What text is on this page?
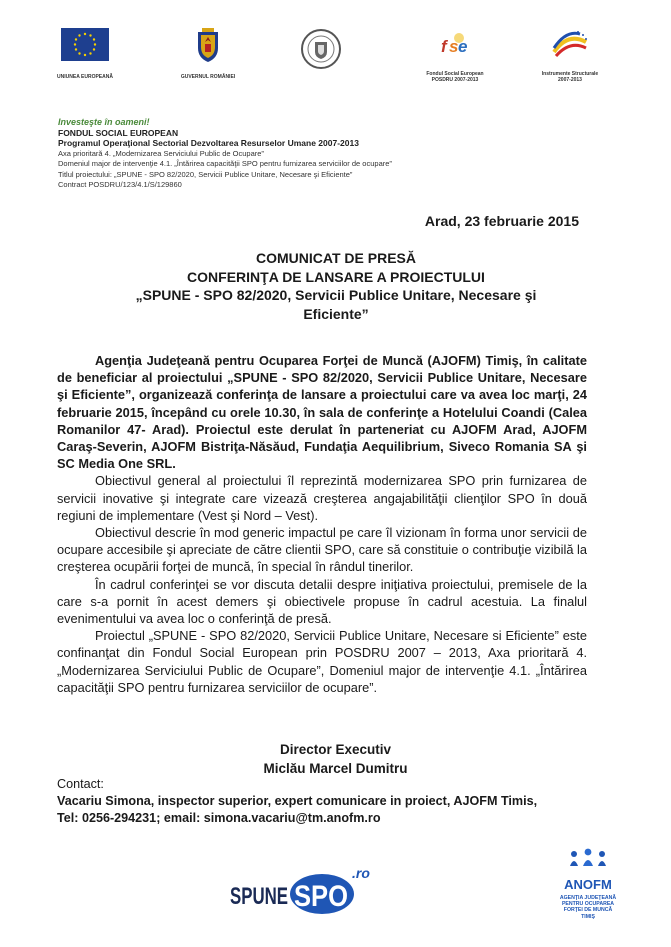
UNIUNEA EUROPEANĂ	GUVERNUL ROMÂNIEI
f s e
Fondul Social European
POSDRU 2007-2013
Instrumente Structurale
2007-2013
Investeşte în oameni!
FONDUL SOCIAL EUROPEAN
Programul Operaţional Sectorial Dezvoltarea Resurselor Umane 2007-2013
Axa prioritară 4. „Modernizarea Serviciului Public de Ocupare”
Domeniul major de intervenţie 4.1. „Întărirea capacităţii SPO pentru furnizarea serviciilor de ocupare”
Titlul proiectului: „SPUNE - SPO 82/2020, Servicii Publice Unitare, Necesare şi Eficiente”
Contract POSDRU/123/4.1/S/129860
Arad, 23 februarie 2015
COMUNICAT DE PRESĂ
CONFERINŢA DE LANSARE A PROIECTULUI
„SPUNE - SPO 82/2020, Servicii Publice Unitare, Necesare şi
Eficiente”

Agenţia Judeţeană pentru Ocuparea Forţei de Muncă (AJOFM) Timiş, în calitate de beneficiar al proiectului „SPUNE - SPO 82/2020, Servicii Publice Unitare, Necesare şi Eficiente”, organizează conferinţa de lansare a proiectului care va avea loc marţi, 24 februarie 2015, începând cu orele 10.30, în sala de conferinţe a Hotelului Coandi (Calea Romanilor 47- Arad). Proiectul este derulat în parteneriat cu AJOFM Arad, AJOFM Caraş-Severin, AJOFM Bistriţa-Năsăud, Fundaţia Aequilibrium, Siveco Romania SA şi SC Media One SRL.

Obiectivul general al proiectului îl reprezintă modernizarea SPO prin furnizarea de servicii inovative şi integrate care vizează creşterea angajabilităţii clienţilor SPO în două regiuni de implementare (Vest şi Nord – Vest).

Obiectivul descrie în mod generic impactul pe care îl vizionam în forma unor servicii de ocupare accesibile şi apreciate de către clientii SPO, care să constituie o contribuţie vizibilă la creşterea ocupării forţei de muncă, în special în rândul tinerilor.

În cadrul conferinţei se vor discuta detalii despre iniţiativa proiectului, premisele de la care s-a pornit în acest demers şi obiectivele propuse în cadrul acestuia. La finalul evenimentului va avea loc o conferinţă de presă.

Proiectul „SPUNE - SPO 82/2020, Servicii Publice Unitare, Necesare si Eficiente” este confinanţat din Fondul Social European prin POSDRU 2007 – 2013, Axa prioritară 4. „Modernizarea Serviciului Public de Ocupare”, Domeniul major de intervenţie 4.1. „Întărirea capacităţii SPO pentru furnizarea serviciilor de ocupare”.

Director Executiv
Miclău Marcel Dumitru
Contact:
Vacariu Simona, inspector superior, expert comunicare in proiect, AJOFM Timis,
Tel: 0256-294231; email: simona.vacariu@tm.anofm.ro
SPUNE SPO
.ro
ANOFM
AGENŢIA JUDEŢEANĂ
PENTRU OCUPAREA
FORŢEI DE MUNCĂ
TIMIŞ
